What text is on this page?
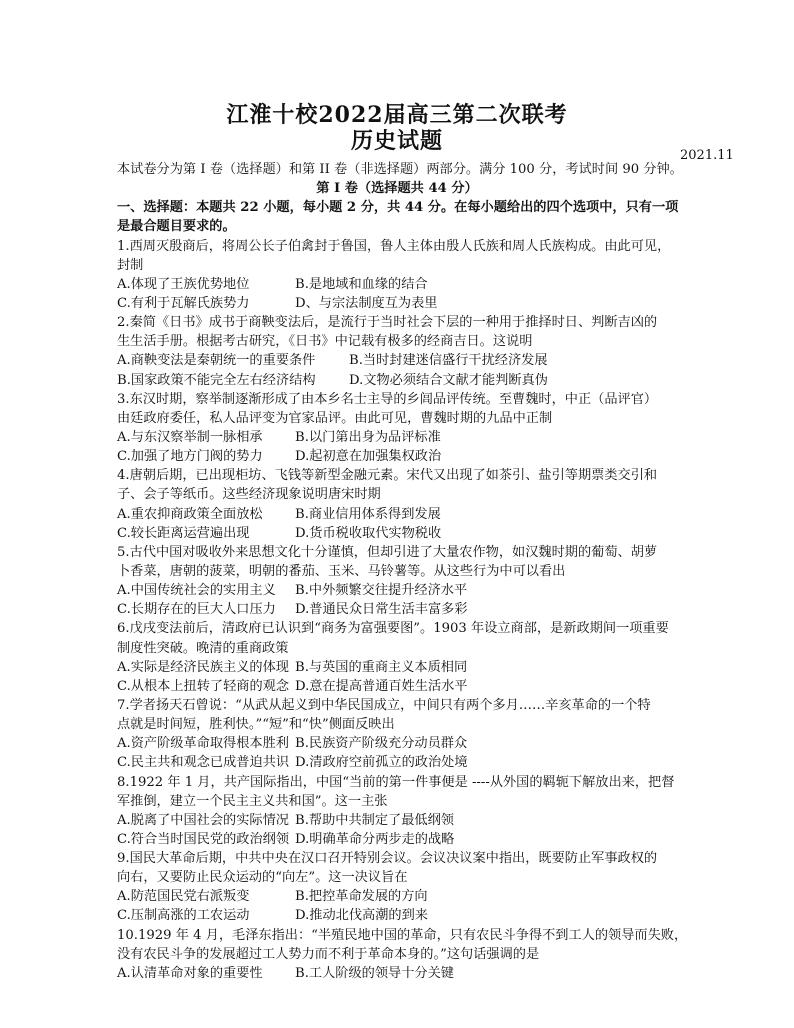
江淮十校2022届高三第二次联考
历史试题
2021.11
本试卷分为第 I 卷（选择题）和第 II 卷（非选择题）两部分。满分 100 分，考试时间 90 分钟。
第 I 卷（选择题共 44 分）
一、选择题：本题共 22 小题，每小题 2 分，共 44 分。在每小题给出的四个选项中，只有一项
是最合题目要求的。
1.西周灭殷商后，将周公长子伯禽封于鲁国，鲁人主体由殷人氏族和周人氏族构成。由此可见，
封制
A.体现了王族优势地位	B.是地域和血缘的结合
C.有利于瓦解氏族势力	D、与宗法制度互为表里
2.秦简《日书》成书于商鞅变法后，是流行于当时社会下层的一种用于推择时日、判断吉凶的
生生活手册。根据考古研究，《日书》中记载有极多的经商吉日。这说明
A.商鞅变法是秦朝统一的重要条件	B.当时封建迷信盛行干扰经济发展
B.国家政策不能完全左右经济结构	D.文物必须结合文献才能判断真伪
3.东汉时期，察举制逐渐形成了由本乡名士主导的乡闾品评传统。至曹魏时，中正（品评官）
由廷政府委任，私人品评变为官家品评。由此可见，曹魏时期的九品中正制
A.与东汉察举制一脉相承	B.以门第出身为品评标准
C.加强了地方门阀的势力	D.起初意在加强集权政治
4.唐朝后期，已出现柜坊、飞钱等新型金融元素。宋代又出现了如茶引、盐引等期票类交引和
子、会子等纸币。这些经济现象说明唐宋时期
A.重农抑商政策全面放松	B.商业信用体系得到发展
C.较长距离运营遍出现	D.货币税收取代实物税收
5.古代中国对吸收外来思想文化十分谨慎，但却引进了大量农作物，如汉魏时期的葡萄、胡萝
卜香菜，唐朝的菠菜，明朝的番茄、玉米、马铃薯等。从这些行为中可以看出
A.中国传统社会的实用主义	B.中外频繁交往提升经济水平
C.长期存在的巨大人口压力	D.普通民众日常生活丰富多彩
6.戊戌变法前后，清政府已认识到“商务为富强要图”。1903 年设立商部，是新政期间一项重要
制度性突破。晚清的重商政策
A.实际是经济民族主义的体现 B.与英国的重商主义本质相同
C.从根本上扭转了轻商的观念 D.意在提高普通百姓生活水平
7.学者扬天石曾说：“从武从起义到中华民国成立，中间只有两个多月……辛亥革命的一个特
点就是时间短，胜利快。”“短”和“快”侧面反映出
A.资产阶级革命取得根本胜利 B.民族资产阶级充分动员群众
C.民主共和观念已成普迫共识 D.清政府空前孤立的政治处境
8.1922 年 1 月，共产国际指出，中国“当前的第一件事便是 ----从外国的羁轭下解放出来，把督
军推倒，建立一个民主主义共和国”。这一主张
A.脱离了中国社会的实际情况 B.帮助中共制定了最低纲领
C.符合当时国民党的政治纲领 D.明确革命分两步走的战略
9.国民大革命后期，中共中央在汉口召开特别会议。会议决议案中指出，既要防止军事政权的
向右，又要防止民众运动的“向左”。这一决议旨在
A.防范国民党右派叛变	B.把控革命发展的方向
C.压制高涨的工农运动	D.推动北伐高潮的到来
10.1929 年 4 月，毛泽东指出：“半殖民地中国的革命，只有农民斗争得不到工人的领导而失败，
没有农民斗争的发展超过工人势力而不利于革命本身的。”这句话强调的是
A.认清革命对象的重要性	B.工人阶级的领导十分关键
